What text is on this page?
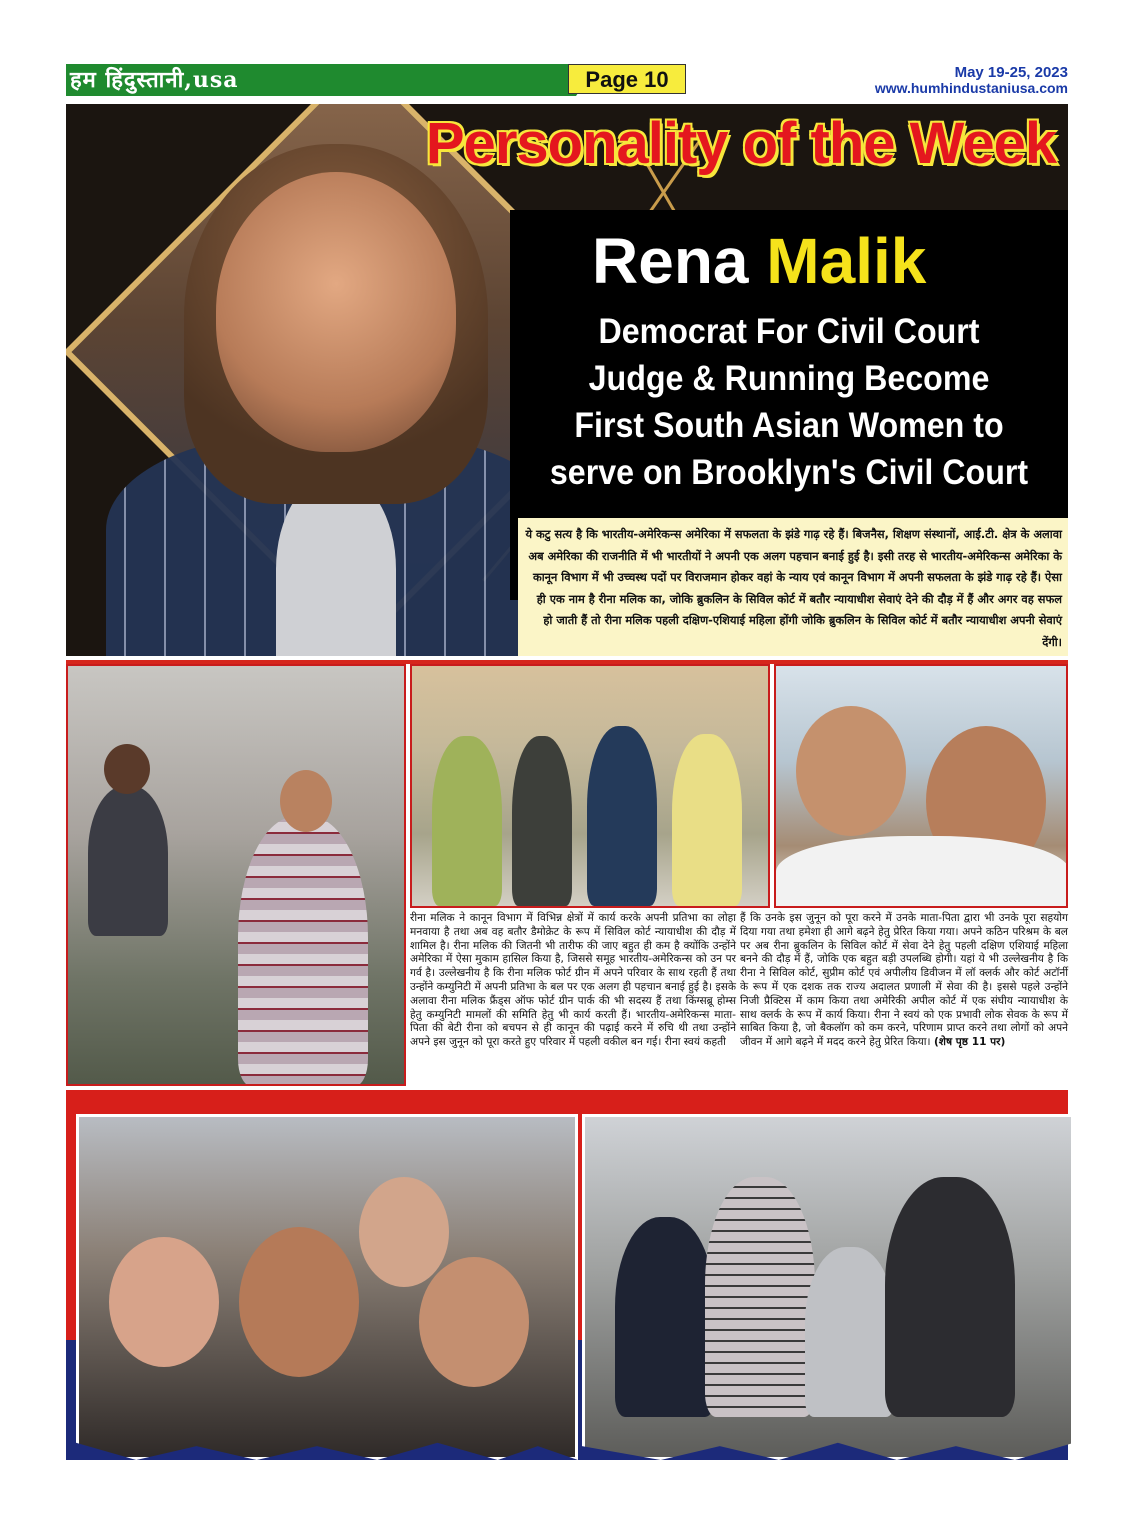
हम हिंदुस्तानी,usa	Page 10	May 19-25, 2023
www.humhindustaniusa.com
Personality of the Week
Rena Malik
Democrat For Civil Court
Judge & Running Become
First South Asian Women to
serve on Brooklyn's Civil Court
ये कटु सत्य है कि भारतीय-अमेरिकन्स अमेरिका में सफलता के झंडे गाढ़ रहे हैं। बिजनैस, शिक्षण संस्थानों, आई.टी. क्षेत्र के अलावा अब अमेरिका की राजनीति में भी भारतीयों ने अपनी एक अलग पहचान बनाई हुई है। इसी तरह से भारतीय-अमेरिकन्स अमेरिका के कानून विभाग में भी उच्चस्थ पदों पर विराजमान होकर वहां के न्याय एवं कानून विभाग में अपनी सफलता के झंडे गाढ़ रहे हैं। ऐसा ही एक नाम है रीना मलिक का, जोकि ब्रुकलिन के सिविल कोर्ट में बतौर न्यायाधीश सेवाएं देने की दौड़ में हैं और अगर वह सफल हो जाती हैं तो रीना मलिक पहली दक्षिण-एशियाई महिला होंगी जोकि ब्रुकलिन के सिविल कोर्ट में बतौर न्यायाधीश अपनी सेवाएं देंगी।
रीना मलिक ने कानून विभाग में विभिन्न क्षेत्रों में कार्य करके अपनी प्रतिभा का लोहा मनवाया है तथा अब वह बतौर डैमोक्रेट के रूप में सिविल कोर्ट न्यायाधीश की दौड़ में शामिल है। रीना मलिक की जितनी भी तारीफ की जाए बहुत ही कम है क्योंकि उन्होंने अमेरिका में ऐसा मुकाम हासिल किया है, जिससे समूह भारतीय-अमेरिकन्स को उन पर गर्व है। उल्लेखनीय है कि रीना मलिक फोर्ट ग्रीन में अपने परिवार के साथ रहती हैं तथा उन्होंने कम्युनिटी में अपनी प्रतिभा के बल पर एक अलग ही पहचान बनाई हुई है। इसके अलावा रीना मलिक फ्रैंड्स ऑफ फोर्ट ग्रीन पार्क की भी सदस्य हैं तथा किंग्सब्रू होम्स हेतु कम्युनिटी मामलों की समिति हेतु भी कार्य करती हैं। भारतीय-अमेरिकन्स माता-पिता की बेटी रीना को बचपन से ही कानून की पढ़ाई करने में रुचि थी तथा उन्होंने अपने इस जुनून को पूरा करते हुए परिवार में पहली वकील बन गई। रीना स्वयं कहती
हैं कि उनके इस जुनून को पूरा करने में उनके माता-पिता द्वारा भी उनके पूरा सहयोग दिया गया तथा हमेशा ही आगे बढ़ने हेतु प्रेरित किया गया। अपने कठिन परिश्रम के बल पर अब रीना ब्रुकलिन के सिविल कोर्ट में सेवा देने हेतु पहली दक्षिण एशियाई महिला बनने की दौड़ में हैं, जोकि एक बहुत बड़ी उपलब्धि होगी। यहां ये भी उल्लेखनीय है कि रीना ने सिविल कोर्ट, सुप्रीम कोर्ट एवं अपीलीय डिवीजन में लॉ क्लर्क और कोर्ट अटॉर्नी के रूप में एक दशक तक राज्य अदालत प्रणाली में सेवा की है। इससे पहले उन्होंने निजी प्रैक्टिस में काम किया तथा अमेरिकी अपील कोर्ट में एक संघीय न्यायाधीश के साथ क्लर्क के रूप में कार्य किया। रीना ने स्वयं को एक प्रभावी लोक सेवक के रूप में साबित किया है, जो बैकलॉग को कम करने, परिणाम प्राप्त करने तथा लोगों को अपने जीवन में आगे बढ़ने में मदद करने हेतु प्रेरित किया। (शेष पृष्ठ 11 पर)
